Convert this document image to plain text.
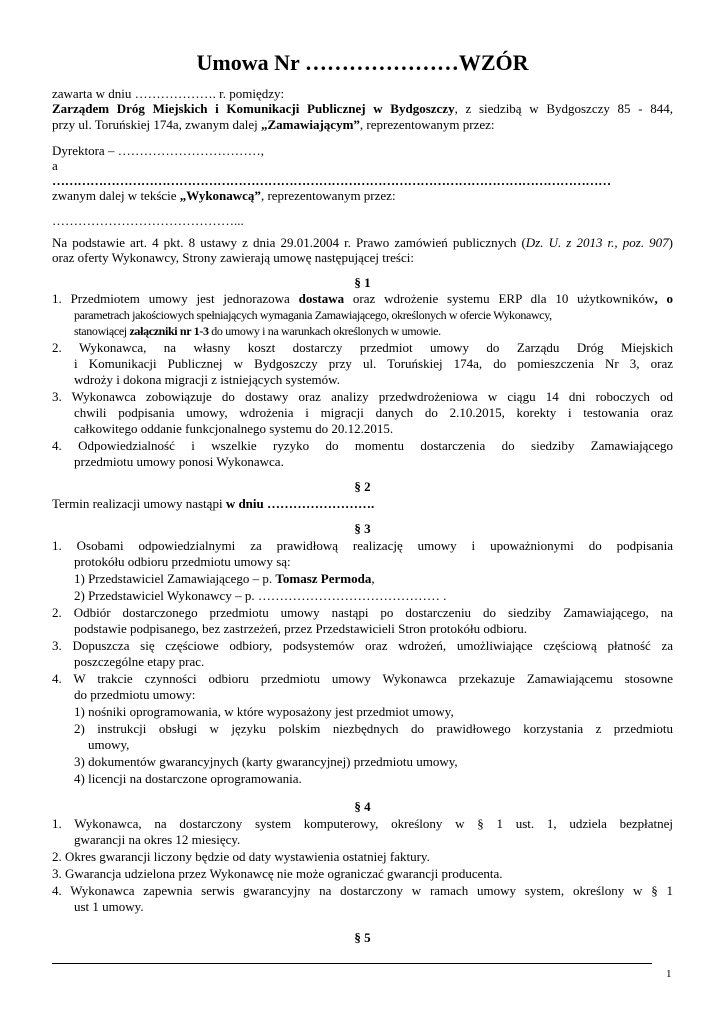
Umowa Nr …………………WZÓR
zawarta w dniu ………………. r. pomiędzy:
Zarządem Dróg Miejskich i Komunikacji Publicznej w Bydgoszczy, z siedzibą w Bydgoszczy 85 - 844,
przy ul. Toruńskiej 174a, zwanym dalej „Zamawiającym”, reprezentowanym przez:
Dyrektora – ……………………………,
a
……………………………………………………………………………………………………………………
zwanym dalej w tekście „Wykonawcą”, reprezentowanym przez:
……………………………………...
Na podstawie art. 4 pkt. 8 ustawy z dnia 29.01.2004 r. Prawo zamówień publicznych (Dz. U. z 2013 r., poz. 907)
oraz oferty Wykonawcy, Strony zawierają umowę następującej treści:
§ 1
1. Przedmiotem umowy jest jednorazowa dostawa oraz wdrożenie systemu ERP dla 10 użytkowników, o
parametrach jakościowych spełniających wymagania Zamawiającego, określonych w ofercie Wykonawcy,
stanowiącej załączniki nr 1-3 do umowy i na warunkach określonych w umowie.
2. Wykonawca, na własny koszt dostarczy przedmiot umowy do Zarządu Dróg Miejskich
i Komunikacji Publicznej w Bydgoszczy przy ul. Toruńskiej 174a, do pomieszczenia Nr 3, oraz
wdroży i dokona migracji z istniejących systemów.
3. Wykonawca zobowiązuje do dostawy oraz analizy przedwdrożeniowa w ciągu 14 dni roboczych od
chwili podpisania umowy, wdrożenia i migracji danych do 2.10.2015, korekty i testowania oraz
całkowitego oddanie funkcjonalnego systemu do 20.12.2015.
4. Odpowiedzialność i wszelkie ryzyko do momentu dostarczenia do siedziby Zamawiającego
przedmiotu umowy ponosi Wykonawca.
§ 2
Termin realizacji umowy nastąpi w dniu …………………….
§ 3
1. Osobami odpowiedzialnymi za prawidłową realizację umowy i upoważnionymi do podpisania
protokółu odbioru przedmiotu umowy są:
1) Przedstawiciel Zamawiającego – p. Tomasz Permoda,
2) Przedstawiciel Wykonawcy – p. …………………………………… .
2. Odbiór dostarczonego przedmiotu umowy nastąpi po dostarczeniu do siedziby Zamawiającego, na
podstawie podpisanego, bez zastrzeżeń, przez Przedstawicieli Stron protokółu odbioru.
3. Dopuszcza się częściowe odbiory, podsystemów oraz wdrożeń, umożliwiające częściową płatność za
poszczególne etapy prac.
4. W trakcie czynności odbioru przedmiotu umowy Wykonawca przekazuje Zamawiającemu stosowne
do przedmiotu umowy:
1) nośniki oprogramowania, w które wyposażony jest przedmiot umowy,
2) instrukcji obsługi w języku polskim niezbędnych do prawidłowego korzystania z przedmiotu
umowy,
3) dokumentów gwarancyjnych (karty gwarancyjnej) przedmiotu umowy,
4) licencji na dostarczone oprogramowania.
§ 4
1. Wykonawca, na dostarczony system komputerowy, określony w § 1 ust. 1, udziela bezpłatnej
gwarancji na okres 12 miesięcy.
2. Okres gwarancji liczony będzie od daty wystawienia ostatniej faktury.
3. Gwarancja udzielona przez Wykonawcę nie może ograniczać gwarancji producenta.
4. Wykonawca zapewnia serwis gwarancyjny na dostarczony w ramach umowy system, określony w § 1
ust 1 umowy.
§ 5
1
